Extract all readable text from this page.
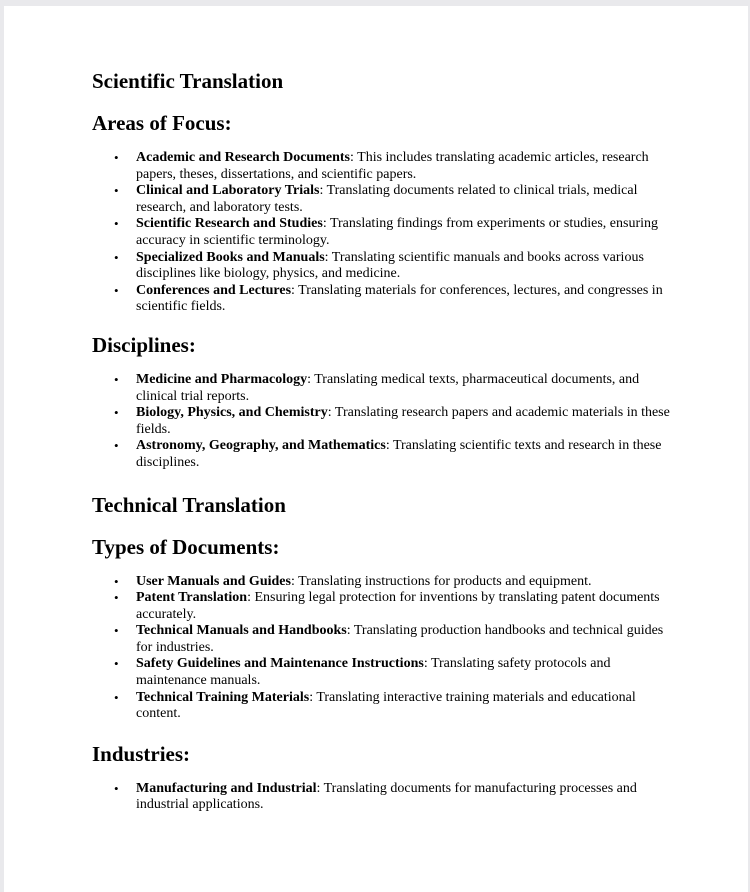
Scientific Translation
Areas of Focus:
• Academic and Research Documents: This includes translating academic articles, research papers, theses, dissertations, and scientific papers.
• Clinical and Laboratory Trials: Translating documents related to clinical trials, medical research, and laboratory tests.
• Scientific Research and Studies: Translating findings from experiments or studies, ensuring accuracy in scientific terminology.
• Specialized Books and Manuals: Translating scientific manuals and books across various disciplines like biology, physics, and medicine.
• Conferences and Lectures: Translating materials for conferences, lectures, and congresses in scientific fields.
Disciplines:
• Medicine and Pharmacology: Translating medical texts, pharmaceutical documents, and clinical trial reports.
• Biology, Physics, and Chemistry: Translating research papers and academic materials in these fields.
• Astronomy, Geography, and Mathematics: Translating scientific texts and research in these disciplines.
Technical Translation
Types of Documents:
• User Manuals and Guides: Translating instructions for products and equipment.
• Patent Translation: Ensuring legal protection for inventions by translating patent documents accurately.
• Technical Manuals and Handbooks: Translating production handbooks and technical guides for industries.
• Safety Guidelines and Maintenance Instructions: Translating safety protocols and maintenance manuals.
• Technical Training Materials: Translating interactive training materials and educational content.
Industries:
• Manufacturing and Industrial: Translating documents for manufacturing processes and industrial applications.
